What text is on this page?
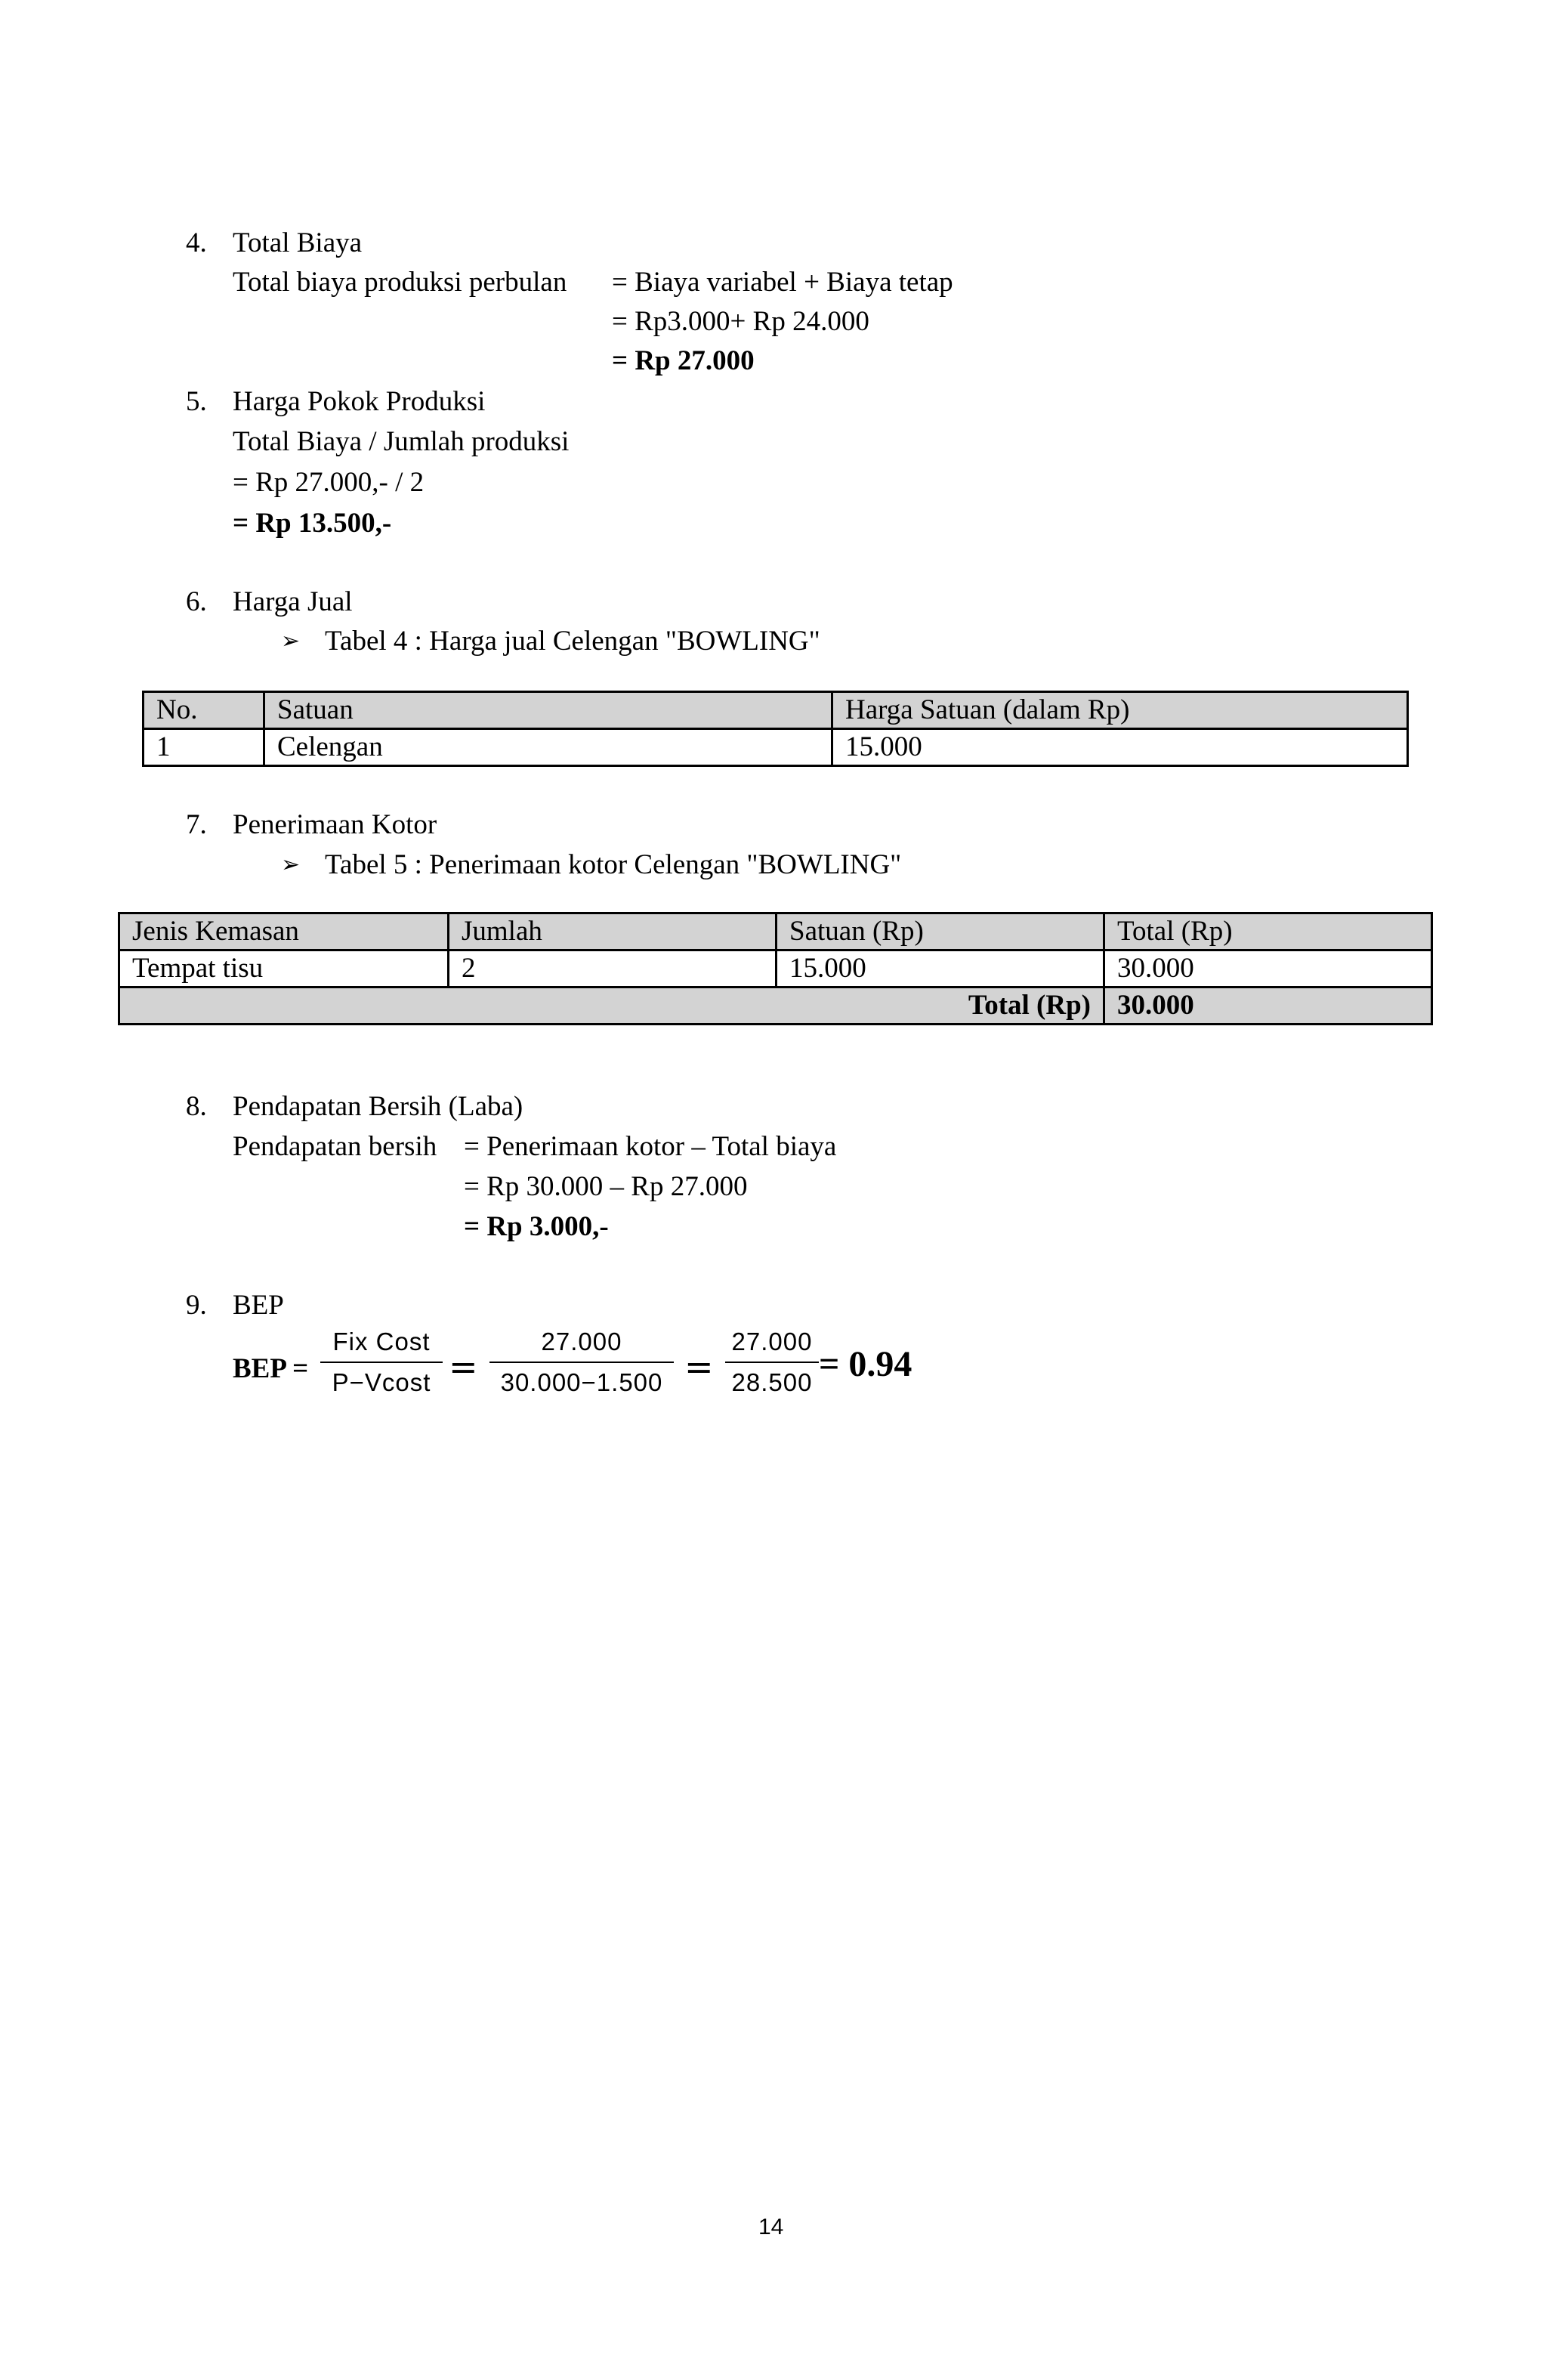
4. Total Biaya
Total biaya produksi perbulan = Biaya variabel + Biaya tetap
= Rp3.000+ Rp 24.000
= Rp 27.000
5. Harga Pokok Produksi
Total Biaya / Jumlah produksi
= Rp 27.000,- / 2
= Rp 13.500,-
6. Harga Jual
➢ Tabel 4 : Harga jual Celengan "BOWLING"
No.	Satuan	Harga Satuan (dalam Rp)
1	Celengan	15.000
7. Penerimaan Kotor
➢ Tabel 5 : Penerimaan kotor Celengan "BOWLING"
Jenis Kemasan	Jumlah	Satuan (Rp)	Total (Rp)
Tempat tisu	2	15.000	30.000
Total (Rp)			30.000
8. Pendapatan Bersih (Laba)
Pendapatan bersih = Penerimaan kotor – Total biaya
= Rp 30.000 – Rp 27.000
= Rp 3.000,-
9. BEP
BEP =
Fix Cost
P−Vcost =
27.000
30.000−1.500 =
27.000
28.500 = 0.94
14
